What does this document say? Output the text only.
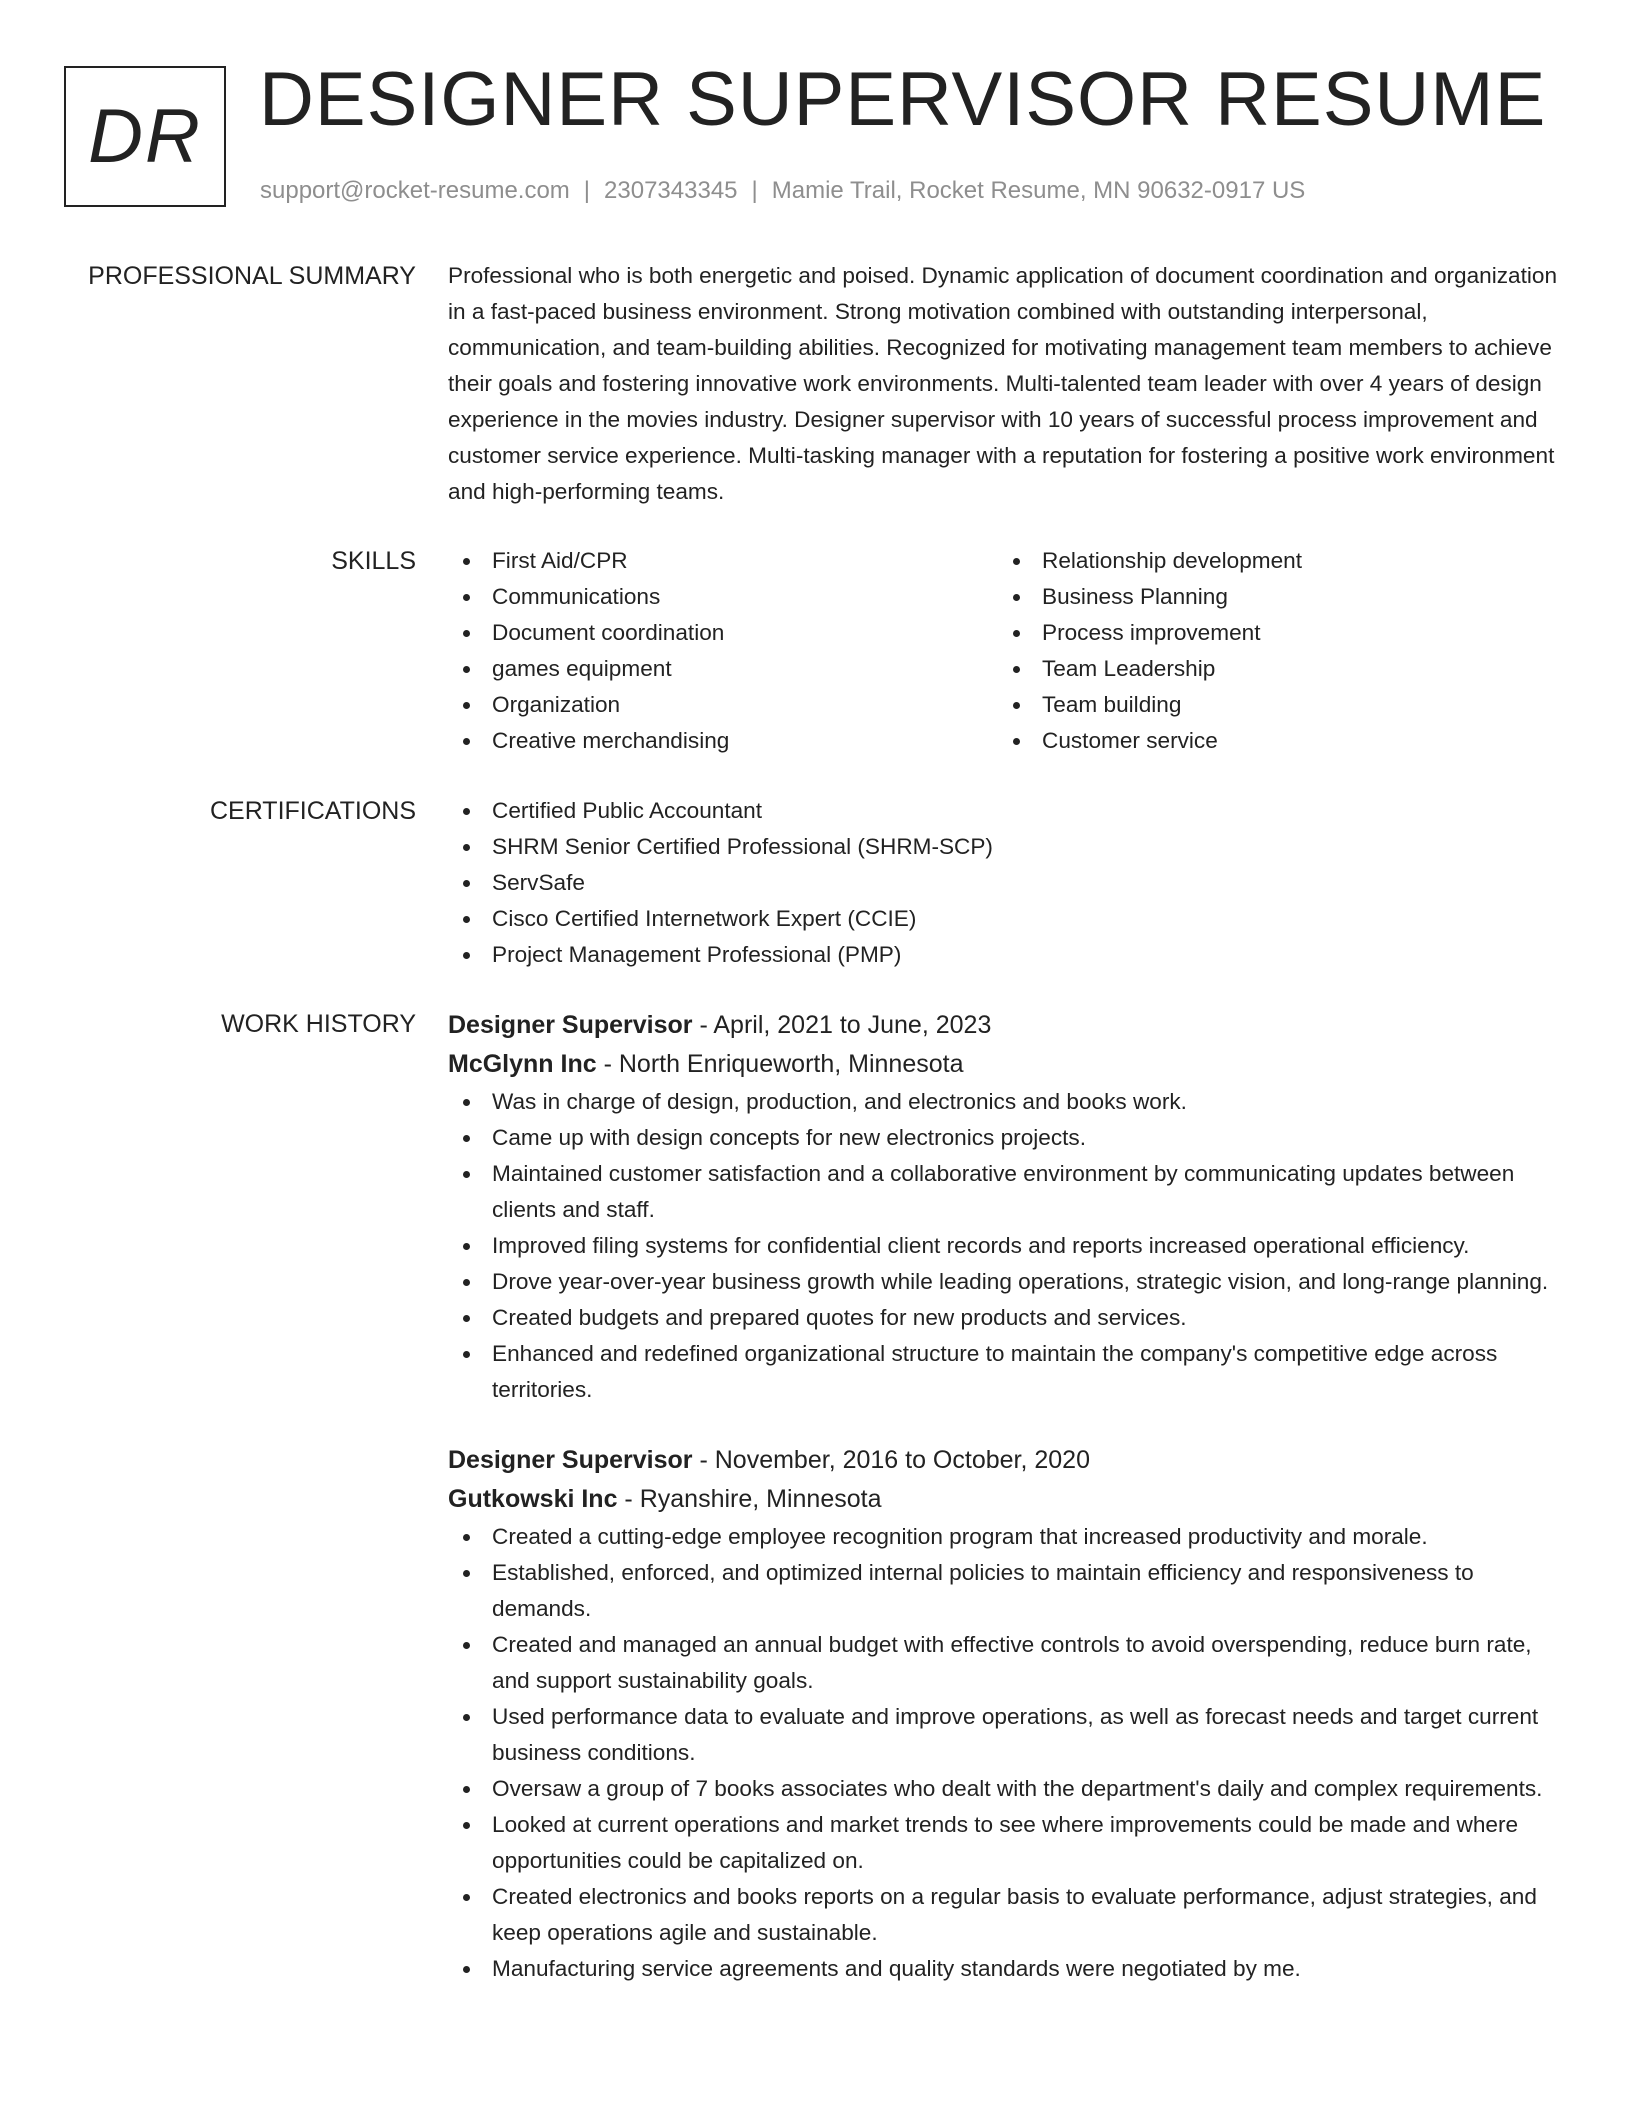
DR DESIGNER SUPERVISOR RESUME
support@rocket-resume.com | 2307343345 | Mamie Trail, Rocket Resume, MN 90632-0917 US
PROFESSIONAL SUMMARY Professional who is both energetic and poised. Dynamic application of document coordination and organization in a fast-paced business environment. Strong motivation combined with outstanding interpersonal, communication, and team-building abilities. Recognized for motivating management team members to achieve their goals and fostering innovative work environments. Multi-talented team leader with over 4 years of design experience in the movies industry. Designer supervisor with 10 years of successful process improvement and customer service experience. Multi-tasking manager with a reputation for fostering a positive work environment and high-performing teams.

SKILLS	First Aid/CPR
Communications
Document coordination
games equipment
Organization
Creative merchandising
Relationship development
Business Planning
Process improvement
Team Leadership
Team building
Customer service
CERTIFICATIONS	Certified Public Accountant
SHRM Senior Certified Professional (SHRM-SCP)
ServSafe
Cisco Certified Internetwork Expert (CCIE)
Project Management Professional (PMP)
WORK HISTORY Designer Supervisor - April, 2021 to June, 2023
McGlynn Inc - North Enriqueworth, Minnesota
Was in charge of design, production, and electronics and books work.
Came up with design concepts for new electronics projects.
Maintained customer satisfaction and a collaborative environment by communicating updates between clients and staff.
Improved filing systems for confidential client records and reports increased operational efficiency.
Drove year-over-year business growth while leading operations, strategic vision, and long-range planning.
Created budgets and prepared quotes for new products and services.
Enhanced and redefined organizational structure to maintain the company's competitive edge across territories.
Designer Supervisor - November, 2016 to October, 2020
Gutkowski Inc - Ryanshire, Minnesota
Created a cutting-edge employee recognition program that increased productivity and morale.
Established, enforced, and optimized internal policies to maintain efficiency and responsiveness to demands.
Created and managed an annual budget with effective controls to avoid overspending, reduce burn rate, and support sustainability goals.
Used performance data to evaluate and improve operations, as well as forecast needs and target current business conditions.
Oversaw a group of 7 books associates who dealt with the department's daily and complex requirements.
Looked at current operations and market trends to see where improvements could be made and where opportunities could be capitalized on.
Created electronics and books reports on a regular basis to evaluate performance, adjust strategies, and keep operations agile and sustainable.
Manufacturing service agreements and quality standards were negotiated by me.
